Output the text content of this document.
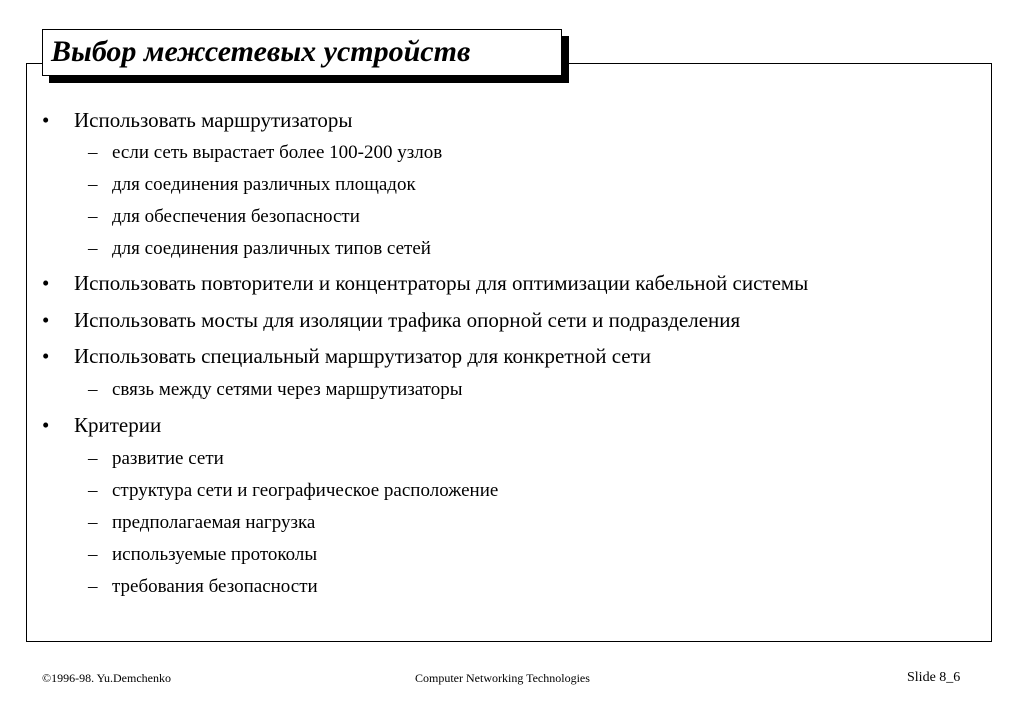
Выбор межсетевых устройств
• Использовать маршрутизаторы
– если сеть вырастает более 100-200 узлов
– для соединения различных площадок
– для обеспечения безопасности
– для соединения различных типов сетей
• Использовать повторители и концентраторы для оптимизации кабельной системы
• Использовать мосты для изоляции трафика опорной сети и подразделения
• Использовать специальный маршрутизатор для конкретной сети
– связь между сетями через маршрутизаторы
• Критерии
– развитие сети
– структура сети и географическое расположение
– предполагаемая нагрузка
– используемые протоколы
– требования безопасности
©1996-98. Yu.Demchenko	Computer Networking Technologies	Slide 8_6
